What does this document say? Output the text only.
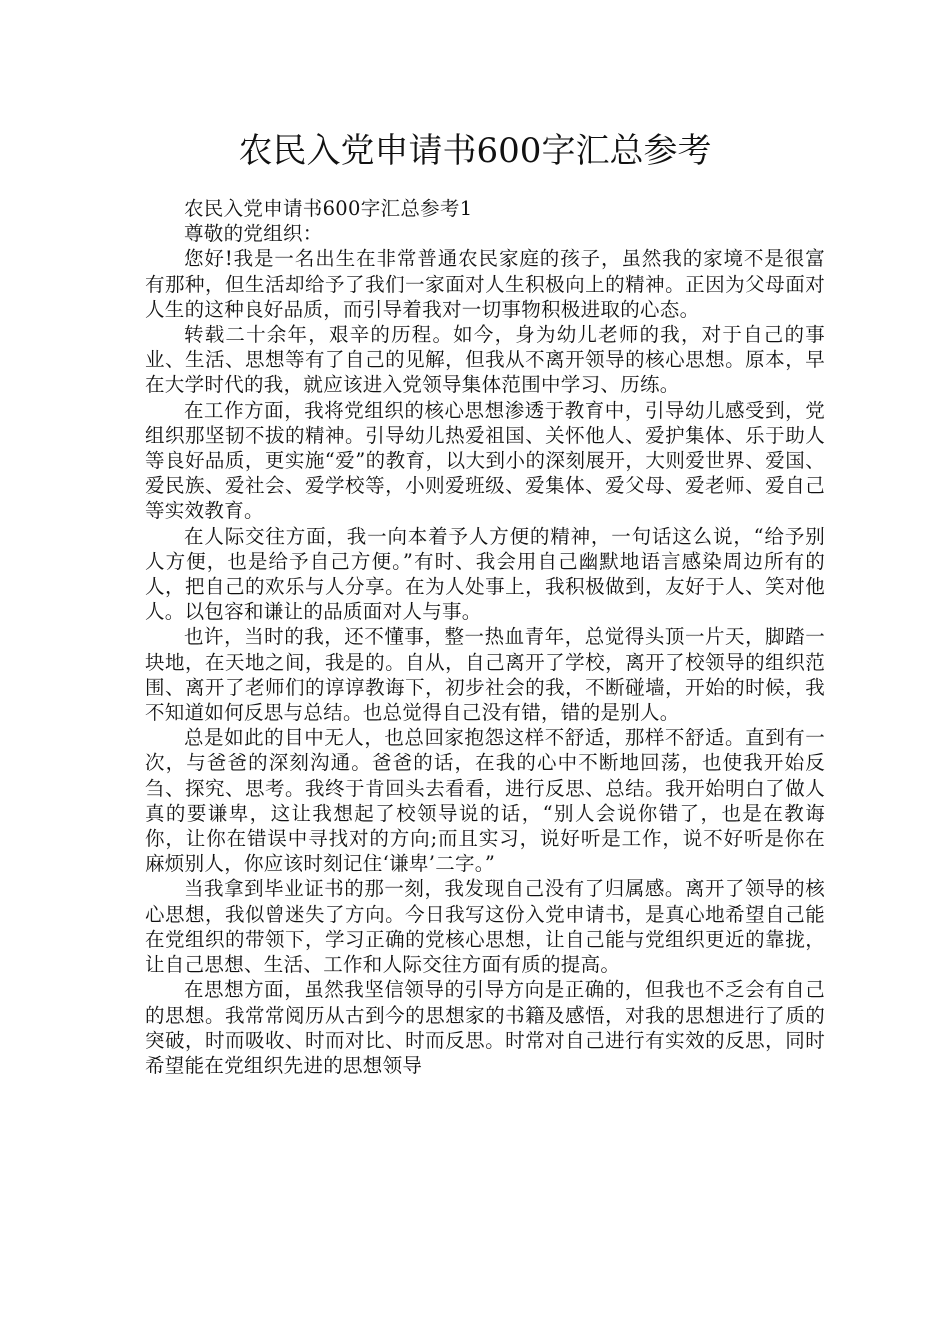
农民入党申请书600字汇总参考

农民入党申请书600字汇总参考1

尊敬的党组织：

您好!我是一名出生在非常普通农民家庭的孩子，虽然我的家境不是很富有那种，但生活却给予了我们一家面对人生积极向上的精神。正因为父母面对人生的这种良好品质，而引导着我对一切事物积极进取的心态。

转载二十余年，艰辛的历程。如今，身为幼儿老师的我，对于自己的事业、生活、思想等有了自己的见解，但我从不离开领导的核心思想。原本，早在大学时代的我，就应该进入党领导集体范围中学习、历练。

在工作方面，我将党组织的核心思想渗透于教育中，引导幼儿感受到，党组织那坚韧不拔的精神。引导幼儿热爱祖国、关怀他人、爱护集体、乐于助人等良好品质，更实施“爱”的教育，以大到小的深刻展开，大则爱世界、爱国、爱民族、爱社会、爱学校等，小则爱班级、爱集体、爱父母、爱老师、爱自己等实效教育。

在人际交往方面，我一向本着予人方便的精神，一句话这么说，“给予别人方便，也是给予自己方便。”有时、我会用自己幽默地语言感染周边所有的人，把自己的欢乐与人分享。在为人处事上，我积极做到，友好于人、笑对他人。以包容和谦让的品质面对人与事。

也许，当时的我，还不懂事，整一热血青年，总觉得头顶一片天，脚踏一块地，在天地之间，我是的。自从，自己离开了学校，离开了校领导的组织范围、离开了老师们的谆谆教诲下，初步社会的我，不断碰墙，开始的时候，我不知道如何反思与总结。也总觉得自己没有错，错的是别人。

总是如此的目中无人，也总回家抱怨这样不舒适，那样不舒适。直到有一次，与爸爸的深刻沟通。爸爸的话，在我的心中不断地回荡，也使我开始反刍、探究、思考。我终于肯回头去看看，进行反思、总结。我开始明白了做人真的要谦卑，这让我想起了校领导说的话，“别人会说你错了，也是在教诲你，让你在错误中寻找对的方向;而且实习，说好听是工作，说不好听是你在麻烦别人，你应该时刻记住‘谦卑’二字。”

当我拿到毕业证书的那一刻，我发现自己没有了归属感。离开了领导的核心思想，我似曾迷失了方向。今日我写这份入党申请书，是真心地希望自己能在党组织的带领下，学习正确的党核心思想，让自己能与党组织更近的靠拢，让自己思想、生活、工作和人际交往方面有质的提高。

在思想方面，虽然我坚信领导的引导方向是正确的，但我也不乏会有自己的思想。我常常阅历从古到今的思想家的书籍及感悟，对我的思想进行了质的突破，时而吸收、时而对比、时而反思。时常对自己进行有实效的反思，同时希望能在党组织先进的思想领导
